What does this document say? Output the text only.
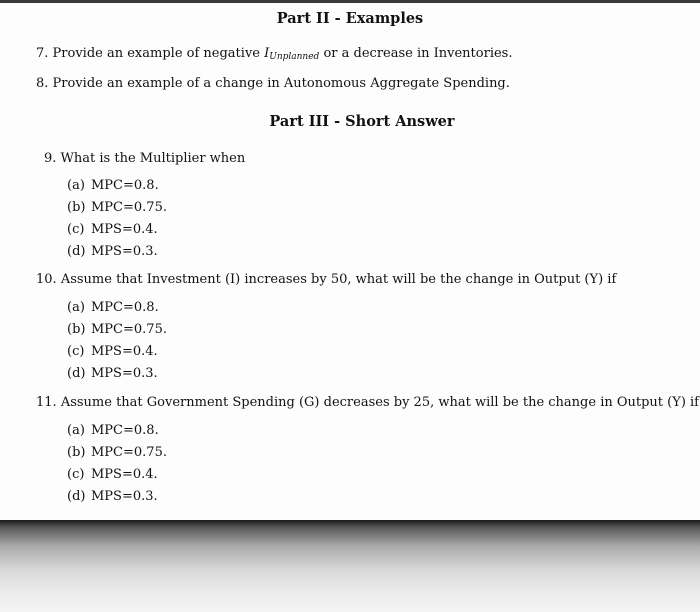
Part II - Examples
7. Provide an example of negative $I_{Unplanned}$ or a decrease in Inventories.
8. Provide an example of a change in Autonomous Aggregate Spending.
Part III - Short Answer
9. What is the Multiplier when
(a) MPC=0.8.
(b) MPC=0.75.
(c) MPS=0.4.
(d) MPS=0.3.
10. Assume that Investment (I) increases by 50, what will be the change in Output (Y) if
(a) MPC=0.8.
(b) MPC=0.75.
(c) MPS=0.4.
(d) MPS=0.3.
11. Assume that Government Spending (G) decreases by 25, what will be the change in Output (Y) if
(a) MPC=0.8.
(b) MPC=0.75.
(c) MPS=0.4.
(d) MPS=0.3.
